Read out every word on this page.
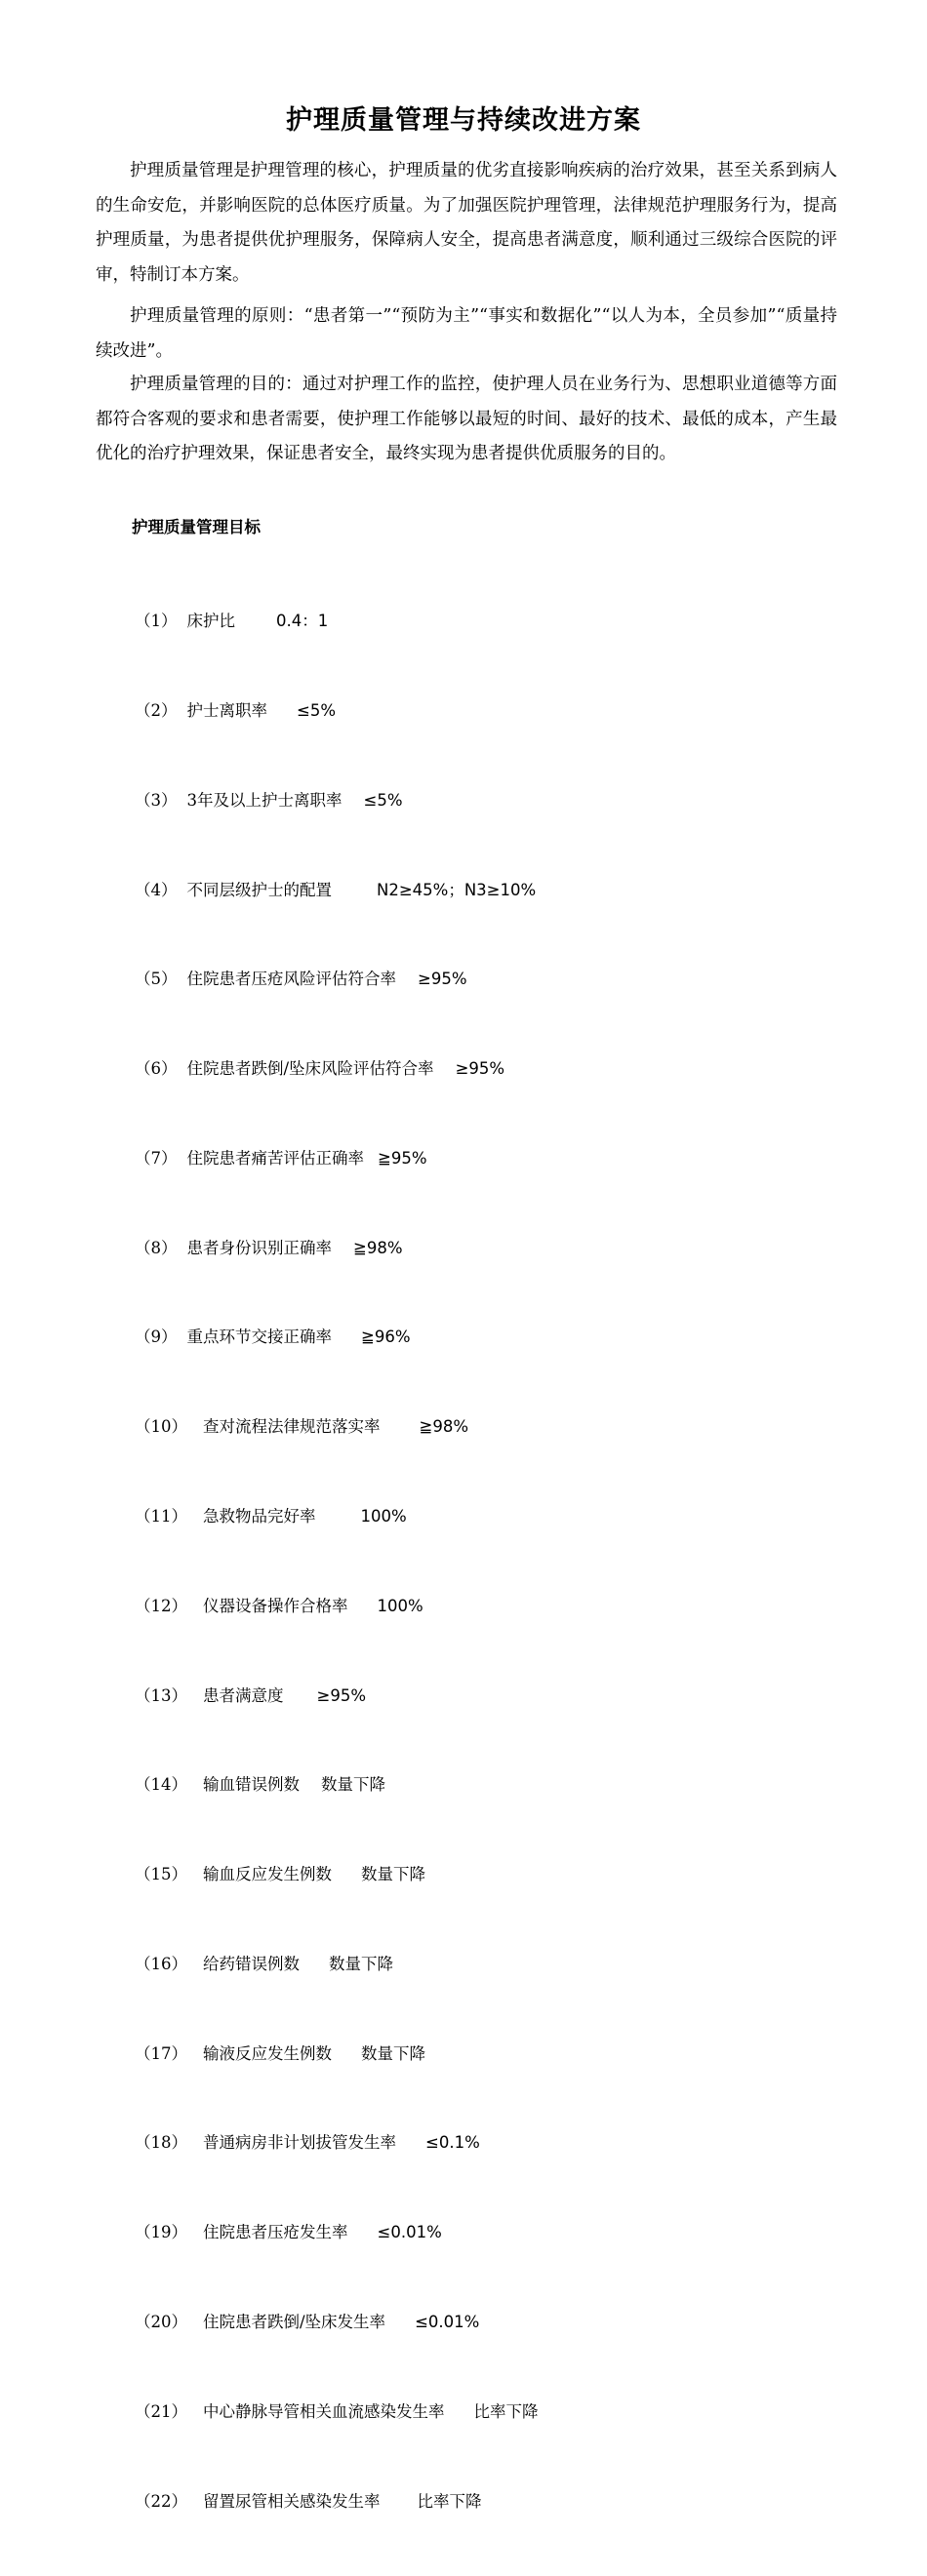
护理质量管理与持续改进方案

护理质量管理是护理管理的核心，护理质量的优劣直接影响疾病的治疗效果，甚至关系到病人的生命安危，并影响医院的总体医疗质量。为了加强医院护理管理，法律规范护理服务行为，提高护理质量，为患者提供优护理服务，保障病人安全，提高患者满意度，顺利通过三级综合医院的评审，特制订本方案。

护理质量管理的原则：“患者第一”“预防为主”“事实和数据化”“以人为本，全员参加”“质量持续改进”。

护理质量管理的目的：通过对护理工作的监控，使护理人员在业务行为、思想职业道德等方面都符合客观的要求和患者需要，使护理工作能够以最短的时间、最好的技术、最低的成本，产生最优化的治疗护理效果，保证患者安全，最终实现为患者提供优质服务的目的。

护理质量管理目标

（1） 床护比	0.4：1

（2） 护士离职率 ≤5%

（3） 3年及以上护士离职率 ≤5%

（4） 不同层级护士的配置	N2≥45%；N3≥10%

（5） 住院患者压疮风险评估符合率 ≥95%

（6） 住院患者跌倒/坠床风险评估符合率 ≥95%

（7） 住院患者痛苦评估正确率 ≧95%

（8） 患者身份识别正确率 ≧98%

（9） 重点环节交接正确率 ≧96%

（10） 查对流程法律规范落实率 ≧98%

（11） 急救物品完好率	100%

（12） 仪器设备操作合格率 100%

（13） 患者满意度 ≥95%

（14） 输血错误例数 数量下降

（15） 输血反应发生例数 数量下降

（16） 给药错误例数 数量下降

（17） 输液反应发生例数 数量下降

（18） 普通病房非计划拔管发生率 ≤0.1%

（19） 住院患者压疮发生率 ≤0.01%

（20） 住院患者跌倒/坠床发生率 ≤0.01%

（21） 中心静脉导管相关血流感染发生率 比率下降

（22） 留置尿管相关感染发生率 比率下降
